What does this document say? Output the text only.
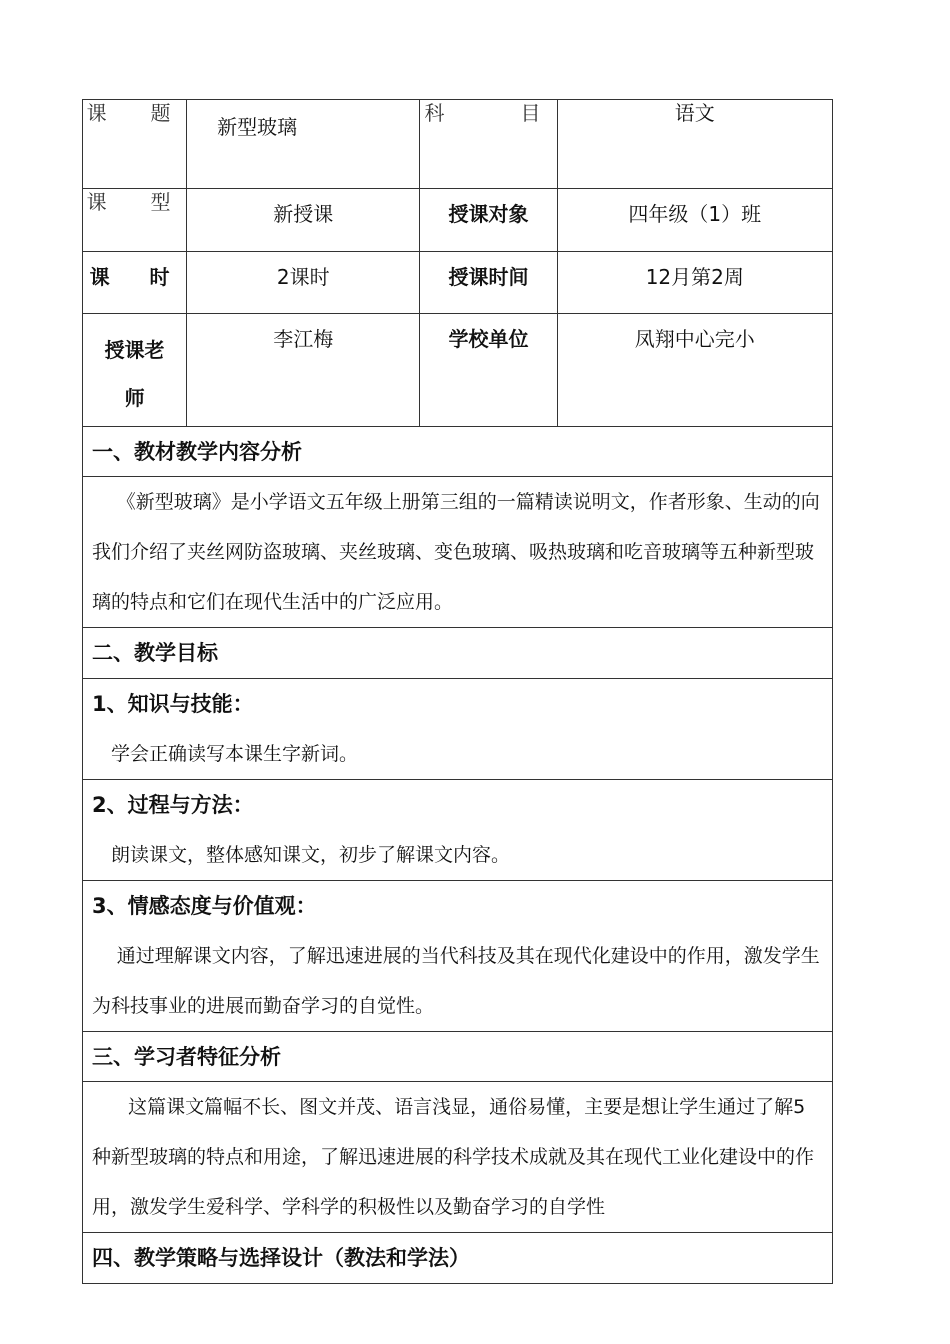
课　题	新型玻璃	科　　目	语文

课　型	新授课	授课对象	四年级（1）班
课　时	2课时	授课时间	12月第2周
授课老师	李江梅	学校单位	凤翔中心完小
一、教材教学内容分析
《新型玻璃》是小学语文五年级上册第三组的一篇精读说明文，作者形象、生动的向我们介绍了夹丝网防盗玻璃、夹丝玻璃、变色玻璃、吸热玻璃和吃音玻璃等五种新型玻璃的特点和它们在现代生活中的广泛应用。
二、教学目标
1、知识与技能：
学会正确读写本课生字新词。
2、过程与方法：
朗读课文，整体感知课文，初步了解课文内容。
3、情感态度与价值观：
通过理解课文内容，了解迅速进展的当代科技及其在现代化建设中的作用，激发学生为科技事业的进展而勤奋学习的自觉性。
三、学习者特征分析
这篇课文篇幅不长、图文并茂、语言浅显，通俗易懂，主要是想让学生通过了解5种新型玻璃的特点和用途，了解迅速进展的科学技术成就及其在现代工业化建设中的作用，激发学生爱科学、学科学的积极性以及勤奋学习的自学性
四、教学策略与选择设计（教法和学法）
